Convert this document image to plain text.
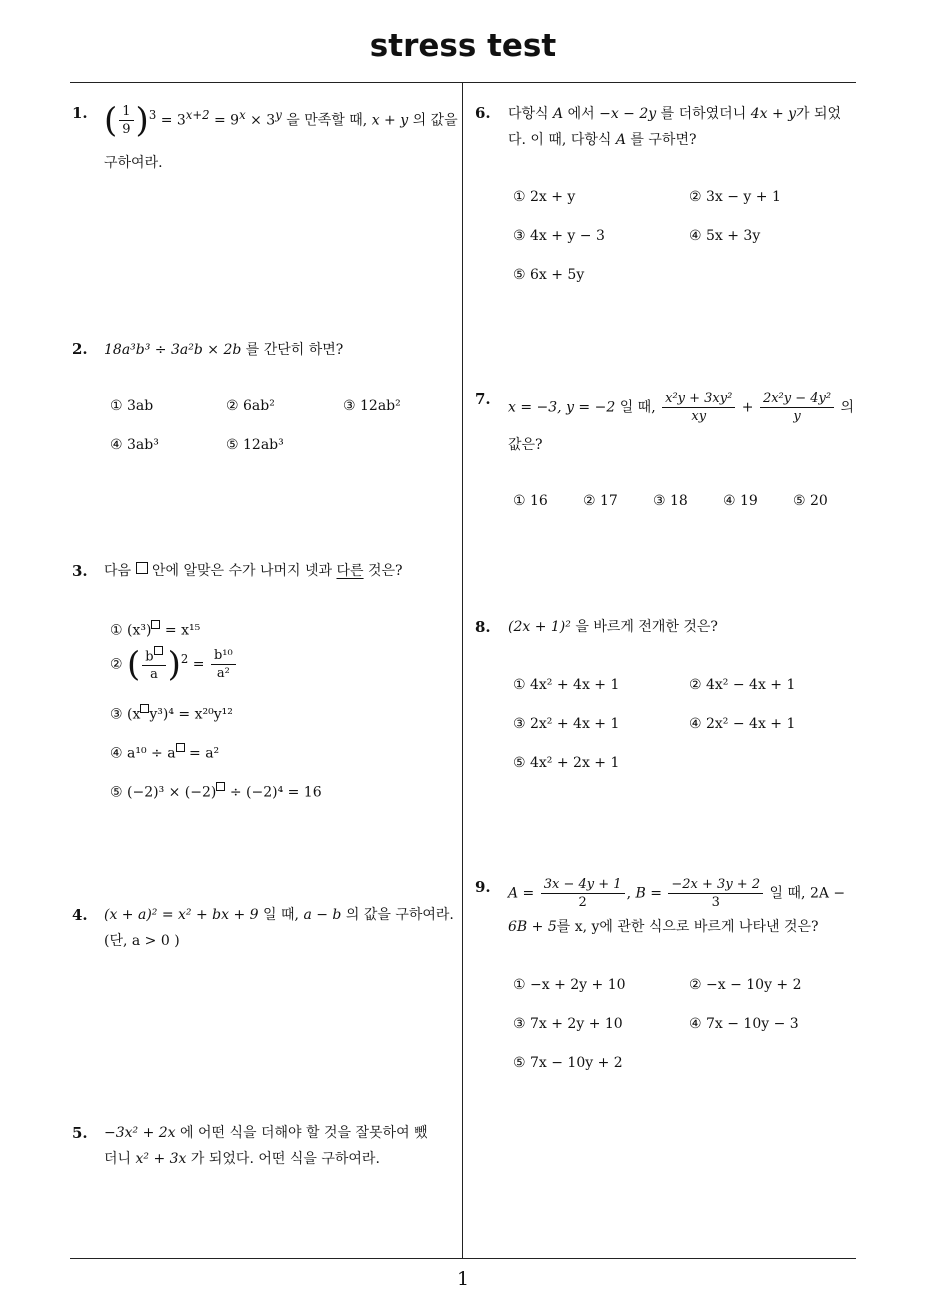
stress test
1
1. ( $\frac{1}{9} )^3 = 3^{x+2} = 9^x \times 3^y$ 을 만족할 때, x + y 의 값을
구하여라.
2. 18a³b³ ÷ 3a²b × 2b 를 간단히 하면?
① 3ab	② 6ab²	③ 12ab²
④ 3ab³	⑤ 12ab³
3. 다음  안에 알맞은 수가 나머지 넷과 다른 것은?
① (x³) = x¹⁵
② ( $\frac{b}{a} )^2 = \frac{\text{b¹⁰}}{\text{a²}}$
③ (x y³)⁴ = x²⁰y¹²
④ a¹⁰ ÷ a = a²
⑤ (−2)³ × (−2) ÷ (−2)⁴ = 16
4. (x + a)² = x² + bx + 9 일 때, a − b 의 값을 구하여라.
(단, a > 0 )
5. −3x² + 2x 에 어떤 식을 더해야 할 것을 잘못하여 뺐
더니 x² + 3x 가 되었다. 어떤 식을 구하여라.
6. 다항식 A 에서 −x − 2y 를 더하였더니 4x + y가 되었
다. 이 때, 다항식 A 를 구하면?
① 2x + y	② 3x − y + 1
③ 4x + y − 3	④ 5x + 3y
⑤ 6x + 5y
7. x = −3, y = −2 일 때, $\frac{\text{x²y + 3xy²}}{xy} + \frac{\text{2x²y − 4y²}}{y}$ 의
값은?
① 16	② 17	③ 18	④ 19	⑤ 20
8. (2x + 1)² 을 바르게 전개한 것은?
① 4x² + 4x + 1	② 4x² − 4x + 1
③ 2x² + 4x + 1	④ 2x² − 4x + 1
⑤ 4x² + 2x + 1
9. $A = \frac{3x - 4y + 1}{2}$ , $B = \frac{-2x + 3y + 2}{3}$ 일 때, 2A −
6B + 5를 x, y에 관한 식으로 바르게 나타낸 것은?
① −x + 2y + 10	② −x − 10y + 2
③ 7x + 2y + 10	④ 7x − 10y − 3
⑤ 7x − 10y + 2
